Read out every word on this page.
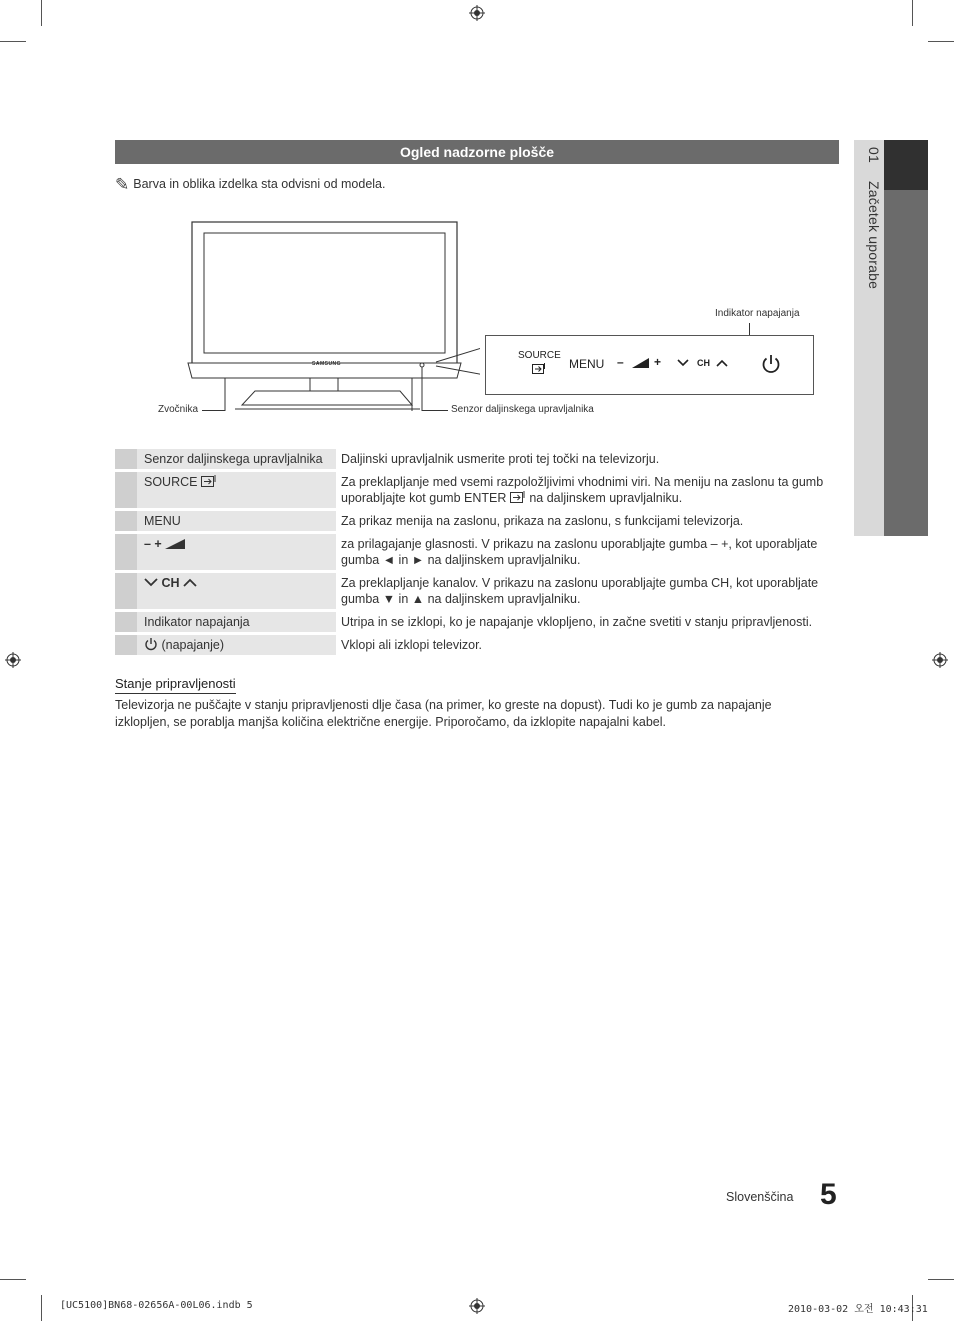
01 Začetek uporabe
Ogled nadzorne plošče
✎ Barva in oblika izdelka sta odvisni od modela.
SAMSUNG
Zvočnika	Senzor daljinskega upravljalnika
Indikator napajanja
SOURCE
MENU –	+	CH
	Senzor daljinskega upravljalnika	Daljinski upravljalnik usmerite proti tej točki na televizorju.
	SOURCE	Za preklapljanje med vsemi razpoložljivimi vhodnimi viri. Na meniju na zaslonu ta gumb uporabljajte kot gumb ENTER  na daljinskem upravljalniku.
	MENU	Za prikaz menija na zaslonu, prikaza na zaslonu, s funkcijami televizorja.
	– +	za prilagajanje glasnosti. V prikazu na zaslonu uporabljajte gumba – +, kot uporabljate gumba ◄ in ► na daljinskem upravljalniku.
	CH	Za preklapljanje kanalov. V prikazu na zaslonu uporabljajte gumba CH, kot uporabljate gumba ▼ in ▲ na daljinskem upravljalniku.
	Indikator napajanja	Utripa in se izklopi, ko je napajanje vklopljeno, in začne svetiti v stanju pripravljenosti.
	(napajanje)	Vklopi ali izklopi televizor.
Stanje pripravljenosti
Televizorja ne puščajte v stanju pripravljenosti dlje časa (na primer, ko greste na dopust). Tudi ko je gumb za napajanje izklopljen, se porablja manjša količina električne energije. Priporočamo, da izklopite napajalni kabel.
Slovenščina 5
[UC5100]BN68-02656A-00L06.indb 5	2010-03-02 오전 10:43:31
